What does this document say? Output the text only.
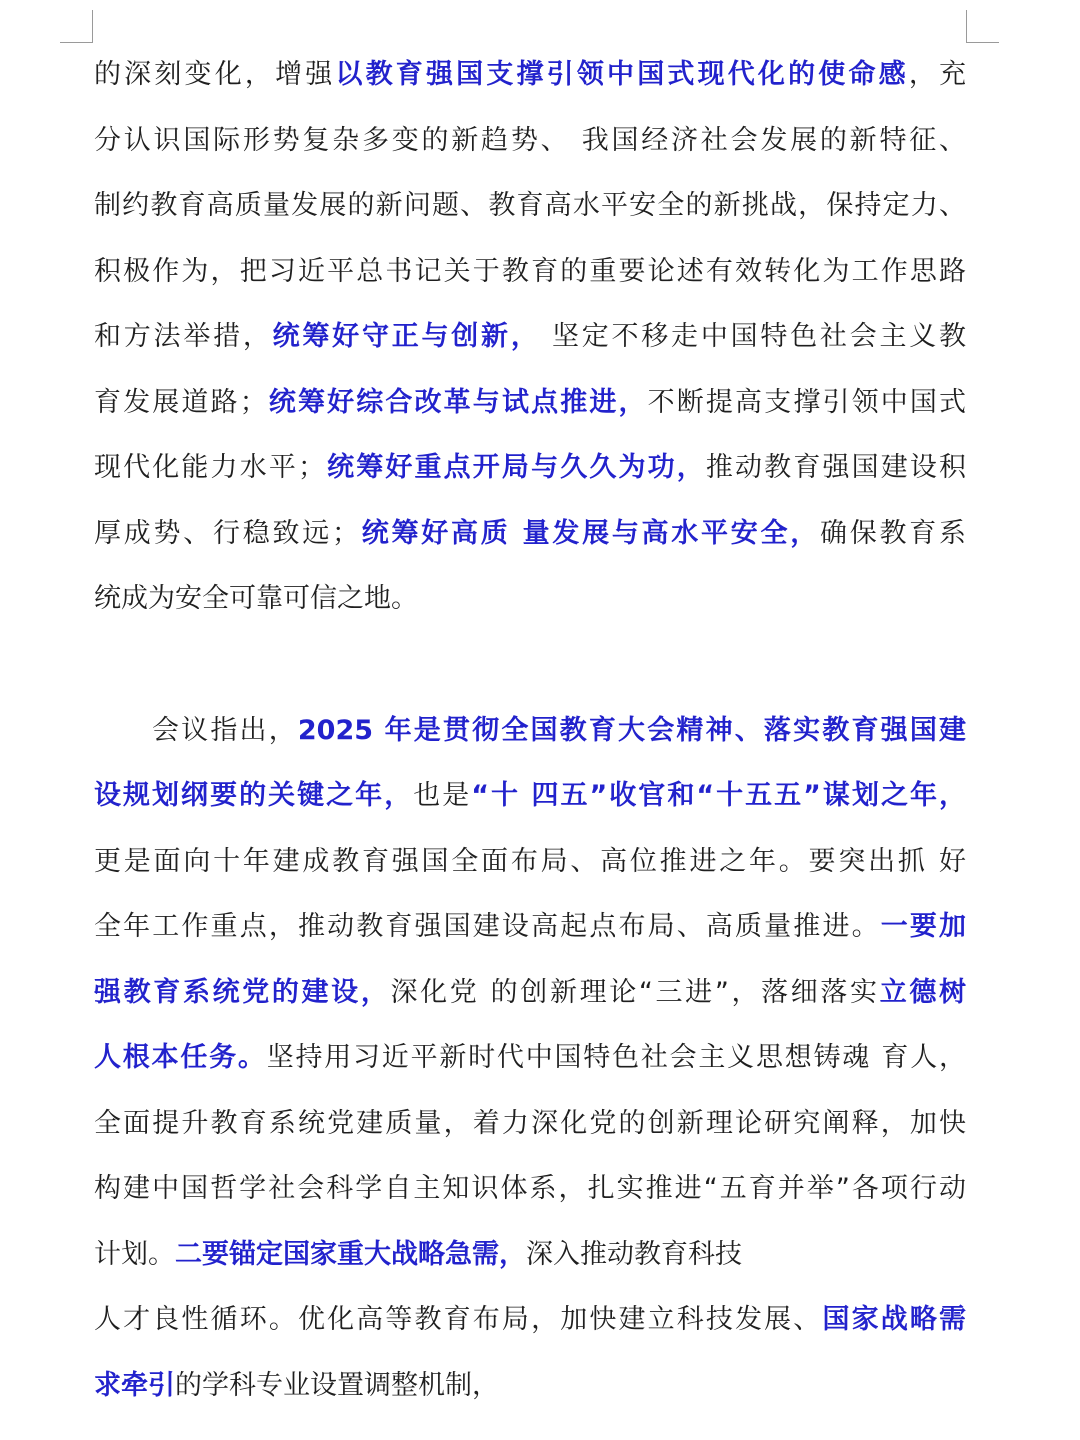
的深刻变化，增强以教育强国支撑引领中国式现代化的使命感，充
分认识国际形势复杂多变的新趋势、 我国经济社会发展的新特征、
制约教育高质量发展的新问题、教育高水平安全的新挑战，保持定力、
积极作为，把习近平总书记关于教育的重要论述有效转化为工作思路
和方法举措，统筹好守正与创新， 坚定不移走中国特色社会主义教
育发展道路；统筹好综合改革与试点推进，不断提高支撑引领中国式
现代化能力水平；统筹好重点开局与久久为功，推动教育强国建设积
厚成势、行稳致远；统筹好高质 量发展与高水平安全，确保教育系
统成为安全可靠可信之地。
会议指出，2025 年是贯彻全国教育大会精神、落实教育强国建
设规划纲要的关键之年，也是“十 四五”收官和“十五五”谋划之年，
更是面向十年建成教育强国全面布局、高位推进之年。要突出抓 好
全年工作重点，推动教育强国建设高起点布局、高质量推进。一要加
强教育系统党的建设，深化党 的创新理论“三进”，落细落实立德树
人根本任务。坚持用习近平新时代中国特色社会主义思想铸魂 育人，
全面提升教育系统党建质量，着力深化党的创新理论研究阐释，加快
构建中国哲学社会科学自主知识体系，扎实推进“五育并举”各项行动
计划。二要锚定国家重大战略急需，深入推动教育科技
人才良性循环。优化高等教育布局，加快建立科技发展、国家战略需
求牵引的学科专业设置调整机制，
